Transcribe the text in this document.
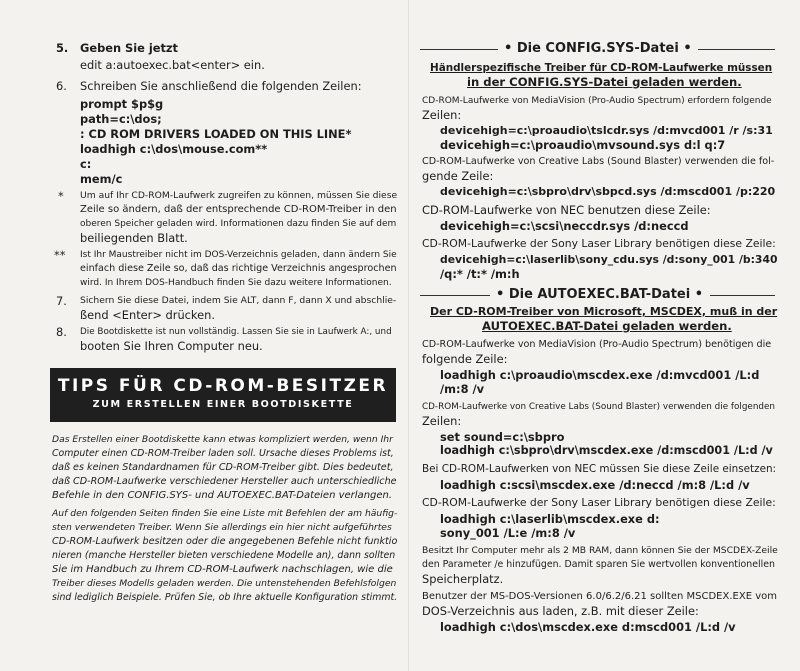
5. Geben Sie jetzt
edit a:autoexec.bat<enter> ein.
6. Schreiben Sie anschließend die folgenden Zeilen:
prompt $p$g
path=c:\dos;
: CD ROM DRIVERS LOADED ON THIS LINE*
loadhigh c:\dos\mouse.com**
c:
mem/c
* Um auf Ihr CD-ROM-Laufwerk zugreifen zu können, müssen Sie diese
Zeile so ändern, daß der entsprechende CD-ROM-Treiber in den
oberen Speicher geladen wird. Informationen dazu finden Sie auf dem
beiliegenden Blatt.
** Ist Ihr Maustreiber nicht im DOS-Verzeichnis geladen, dann ändern Sie
einfach diese Zeile so, daß das richtige Verzeichnis angesprochen
wird. In Ihrem DOS-Handbuch finden Sie dazu weitere Informationen.
7. Sichern Sie diese Datei, indem Sie ALT, dann F, dann X und abschlie-
ßend <Enter> drücken.
8. Die Bootdiskette ist nun vollständig. Lassen Sie sie in Laufwerk A:, und
booten Sie Ihren Computer neu.
TIPS FÜR CD-ROM-BESITZER
ZUM ERSTELLEN EINER BOOTDISKETTE
Das Erstellen einer Bootdiskette kann etwas kompliziert werden, wenn Ihr
Computer einen CD-ROM-Treiber laden soll. Ursache dieses Problems ist,
daß es keinen Standardnamen für CD-ROM-Treiber gibt. Dies bedeutet,
daß CD-ROM-Laufwerke verschiedener Hersteller auch unterschiedliche
Befehle in den CONFIG.SYS- und AUTOEXEC.BAT-Dateien verlangen.
Auf den folgenden Seiten finden Sie eine Liste mit Befehlen der am häufig-
sten verwendeten Treiber. Wenn Sie allerdings ein hier nicht aufgeführtes
CD-ROM-Laufwerk besitzen oder die angegebenen Befehle nicht funktio
nieren (manche Hersteller bieten verschiedene Modelle an), dann sollten
Sie im Handbuch zu Ihrem CD-ROM-Laufwerk nachschlagen, wie die
Treiber dieses Modells geladen werden. Die untenstehenden Befehlsfolgen
sind lediglich Beispiele. Prüfen Sie, ob Ihre aktuelle Konfiguration stimmt.
• Die CONFIG.SYS-Datei •
Händlerspezifische Treiber für CD-ROM-Laufwerke müssen
in der CONFIG.SYS-Datei geladen werden.
CD-ROM-Laufwerke von MediaVision (Pro-Audio Spectrum) erfordern folgende
Zeilen:
devicehigh=c:\proaudio\tslcdr.sys /d:mvcd001 /r /s:31
devicehigh=c:\proaudio\mvsound.sys d:l q:7
CD-ROM-Laufwerke von Creative Labs (Sound Blaster) verwenden die fol-
gende Zeile:
devicehigh=c:\sbpro\drv\sbpcd.sys /d:mscd001 /p:220
CD-ROM-Laufwerke von NEC benutzen diese Zeile:
devicehigh=c:\scsi\neccdr.sys /d:neccd
CD-ROM-Laufwerke der Sony Laser Library benötigen diese Zeile:
devicehigh=c:\laserlib\sony_cdu.sys /d:sony_001 /b:340
/q:* /t:* /m:h
• Die AUTOEXEC.BAT-Datei •
Der CD-ROM-Treiber von Microsoft, MSCDEX, muß in der
AUTOEXEC.BAT-Datei geladen werden.
CD-ROM-Laufwerke von MediaVision (Pro-Audio Spectrum) benötigen die
folgende Zeile:
loadhigh c:\proaudio\mscdex.exe /d:mvcd001 /L:d
/m:8 /v
CD-ROM-Laufwerke von Creative Labs (Sound Blaster) verwenden die folgenden
Zeilen:
set sound=c:\sbpro
loadhigh c:\sbpro\drv\mscdex.exe /d:mscd001 /L:d /v
Bei CD-ROM-Laufwerken von NEC müssen Sie diese Zeile einsetzen:
loadhigh c:scsi\mscdex.exe /d:neccd /m:8 /L:d /v
CD-ROM-Laufwerke der Sony Laser Library benötigen diese Zeile:
loadhigh c:\laserlib\mscdex.exe d:
sony_001 /L:e /m:8 /v
Besitzt Ihr Computer mehr als 2 MB RAM, dann können Sie der MSCDEX-Zeile
den Parameter /e hinzufügen. Damit sparen Sie wertvollen konventionellen
Speicherplatz.
Benutzer der MS-DOS-Versionen 6.0/6.2/6.21 sollten MSCDEX.EXE vom
DOS-Verzeichnis aus laden, z.B. mit dieser Zeile:
loadhigh c:\dos\mscdex.exe d:mscd001 /L:d /v
